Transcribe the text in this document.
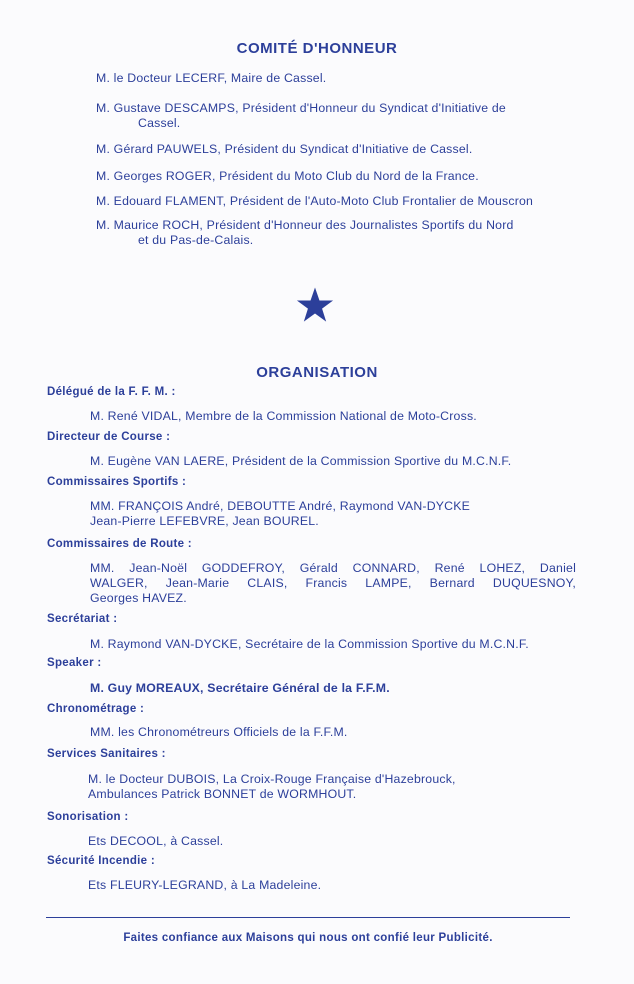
COMITÉ D'HONNEUR
M. le Docteur LECERF, Maire de Cassel.
M. Gustave DESCAMPS, Président d'Honneur du Syndicat d'Initiative de
Cassel.
M. Gérard PAUWELS, Président du Syndicat d'Initiative de Cassel.
M. Georges ROGER, Président du Moto Club du Nord de la France.
M. Edouard FLAMENT, Président de l'Auto-Moto Club Frontalier de Mouscron
M. Maurice ROCH, Président d'Honneur des Journalistes Sportifs du Nord
et du Pas-de-Calais.
ORGANISATION
Délégué de la F. F. M. :
M. René VIDAL, Membre de la Commission National de Moto-Cross.
Directeur de Course :
M. Eugène VAN LAERE, Président de la Commission Sportive du M.C.N.F.
Commissaires Sportifs :
MM. FRANÇOIS André, DEBOUTTE André, Raymond VAN-DYCKE
Jean-Pierre LEFEBVRE, Jean BOUREL.
Commissaires de Route :
MM. Jean-Noël GODDEFROY, Gérald CONNARD, René LOHEZ, Daniel
WALGER, Jean-Marie CLAIS, Francis LAMPE, Bernard DUQUESNOY,
Georges HAVEZ.
Secrétariat :
M. Raymond VAN-DYCKE, Secrétaire de la Commission Sportive du M.C.N.F.
Speaker :
M. Guy MOREAUX, Secrétaire Général de la F.F.M.
Chronométrage :
MM. les Chronométreurs Officiels de la F.F.M.
Services Sanitaires :
M. le Docteur DUBOIS, La Croix-Rouge Française d'Hazebrouck,
Ambulances Patrick BONNET de WORMHOUT.
Sonorisation :
Ets DECOOL, à Cassel.
Sécurité Incendie :
Ets FLEURY-LEGRAND, à La Madeleine.
Faites confiance aux Maisons qui nous ont confié leur Publicité.
